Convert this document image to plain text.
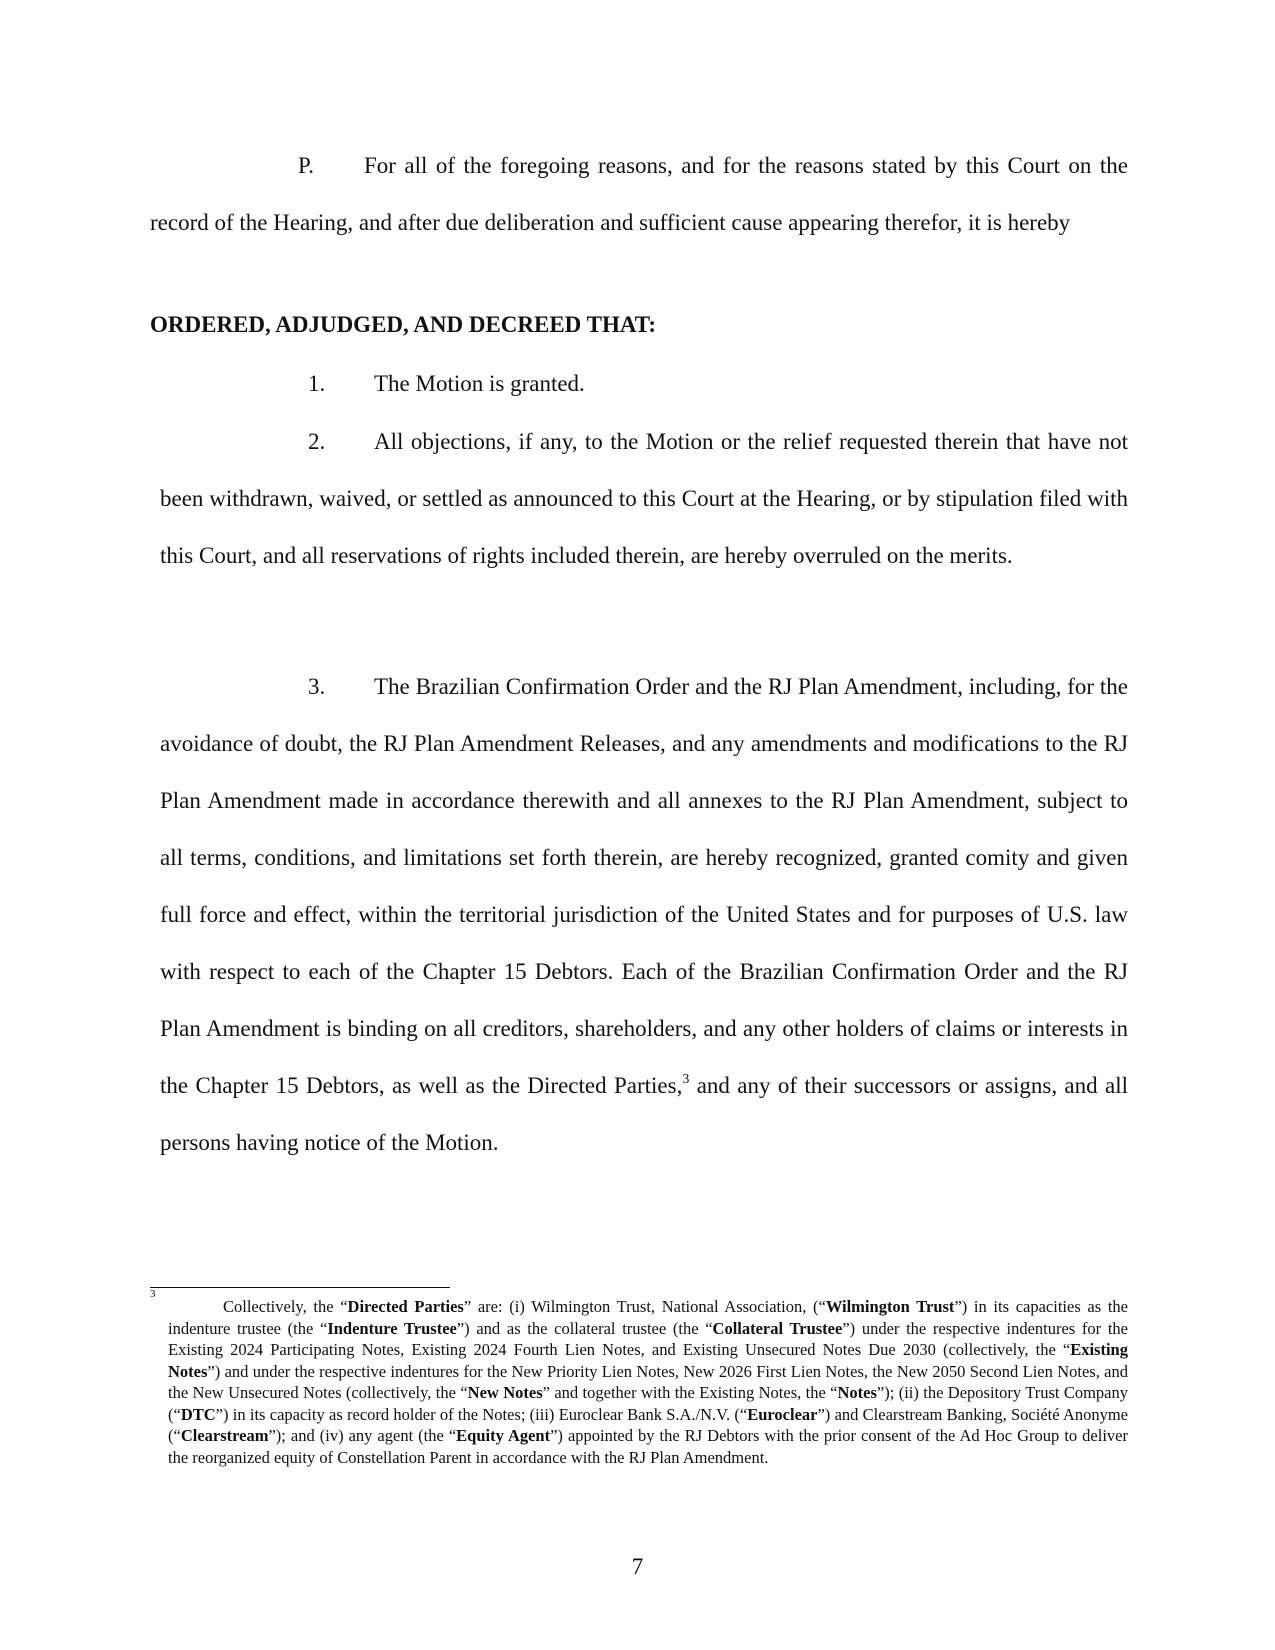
P. For all of the foregoing reasons, and for the reasons stated by this Court on the record of the Hearing, and after due deliberation and sufficient cause appearing therefor, it is hereby
ORDERED, ADJUDGED, AND DECREED THAT:
1. The Motion is granted.
2. All objections, if any, to the Motion or the relief requested therein that have not been withdrawn, waived, or settled as announced to this Court at the Hearing, or by stipulation filed with this Court, and all reservations of rights included therein, are hereby overruled on the merits.
3. The Brazilian Confirmation Order and the RJ Plan Amendment, including, for the avoidance of doubt, the RJ Plan Amendment Releases, and any amendments and modifications to the RJ Plan Amendment made in accordance therewith and all annexes to the RJ Plan Amendment, subject to all terms, conditions, and limitations set forth therein, are hereby recognized, granted comity and given full force and effect, within the territorial jurisdiction of the United States and for purposes of U.S. law with respect to each of the Chapter 15 Debtors. Each of the Brazilian Confirmation Order and the RJ Plan Amendment is binding on all creditors, shareholders, and any other holders of claims or interests in the Chapter 15 Debtors, as well as the Directed Parties,$^3$ and any of their successors or assigns, and all persons having notice of the Motion.
3
Collectively, the “Directed Parties” are: (i) Wilmington Trust, National Association, (“Wilmington Trust”) in its capacities as the indenture trustee (the “Indenture Trustee”) and as the collateral trustee (the “Collateral Trustee”) under the respective indentures for the Existing 2024 Participating Notes, Existing 2024 Fourth Lien Notes, and Existing Unsecured Notes Due 2030 (collectively, the “Existing Notes”) and under the respective indentures for the New Priority Lien Notes, New 2026 First Lien Notes, the New 2050 Second Lien Notes, and the New Unsecured Notes (collectively, the “New Notes” and together with the Existing Notes, the “Notes”); (ii) the Depository Trust Company (“DTC”) in its capacity as record holder of the Notes; (iii) Euroclear Bank S.A./N.V. (“Euroclear”) and Clearstream Banking, Société Anonyme (“Clearstream”); and (iv) any agent (the “Equity Agent”) appointed by the RJ Debtors with the prior consent of the Ad Hoc Group to deliver the reorganized equity of Constellation Parent in accordance with the RJ Plan Amendment.
7
